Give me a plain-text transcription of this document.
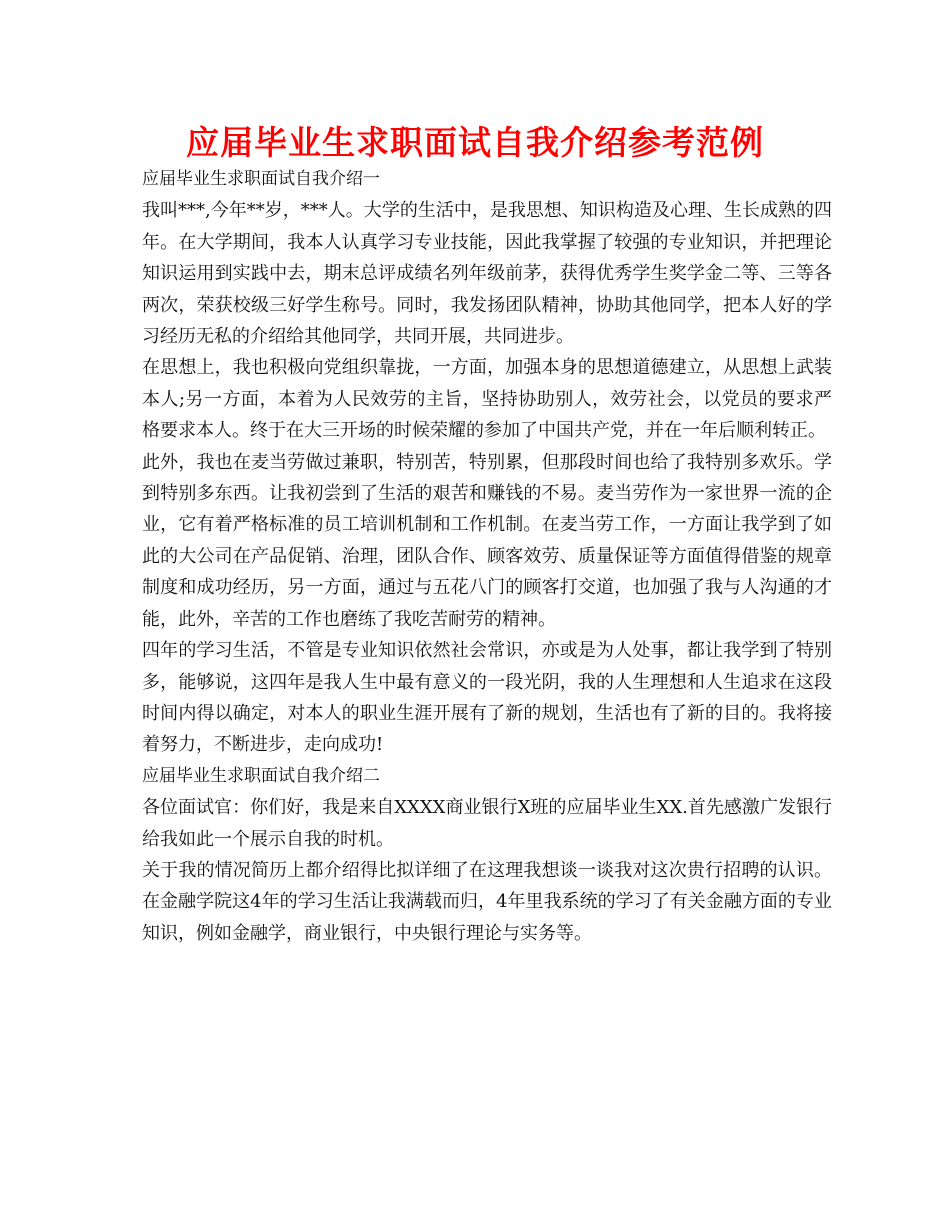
应届毕业生求职面试自我介绍参考范例

应届毕业生求职面试自我介绍一

我叫***,今年**岁，***人。大学的生活中，是我思想、知识构造及心理、生长成熟的四年。在大学期间，我本人认真学习专业技能，因此我掌握了较强的专业知识，并把理论知识运用到实践中去，期末总评成绩名列年级前茅，获得优秀学生奖学金二等、三等各两次，荣获校级三好学生称号。同时，我发扬团队精神，协助其他同学，把本人好的学习经历无私的介绍给其他同学，共同开展，共同进步。

在思想上，我也积极向党组织靠拢，一方面，加强本身的思想道德建立，从思想上武装本人;另一方面，本着为人民效劳的主旨，坚持协助别人，效劳社会，以党员的要求严格要求本人。终于在大三开场的时候荣耀的参加了中国共产党，并在一年后顺利转正。

此外，我也在麦当劳做过兼职，特别苦，特别累，但那段时间也给了我特别多欢乐。学到特别多东西。让我初尝到了生活的艰苦和赚钱的不易。麦当劳作为一家世界一流的企业，它有着严格标准的员工培训机制和工作机制。在麦当劳工作，一方面让我学到了如此的大公司在产品促销、治理，团队合作、顾客效劳、质量保证等方面值得借鉴的规章制度和成功经历，另一方面，通过与五花八门的顾客打交道，也加强了我与人沟通的才能，此外，辛苦的工作也磨练了我吃苦耐劳的精神。

四年的学习生活，不管是专业知识依然社会常识，亦或是为人处事，都让我学到了特别多，能够说，这四年是我人生中最有意义的一段光阴，我的人生理想和人生追求在这段时间内得以确定，对本人的职业生涯开展有了新的规划，生活也有了新的目的。我将接着努力，不断进步，走向成功!

应届毕业生求职面试自我介绍二

各位面试官：你们好，我是来自XXXX商业银行X班的应届毕业生XX.首先感激广发银行给我如此一个展示自我的时机。

关于我的情况简历上都介绍得比拟详细了在这理我想谈一谈我对这次贵行招聘的认识。在金融学院这4年的学习生活让我满载而归，4年里我系统的学习了有关金融方面的专业知识，例如金融学，商业银行，中央银行理论与实务等。
